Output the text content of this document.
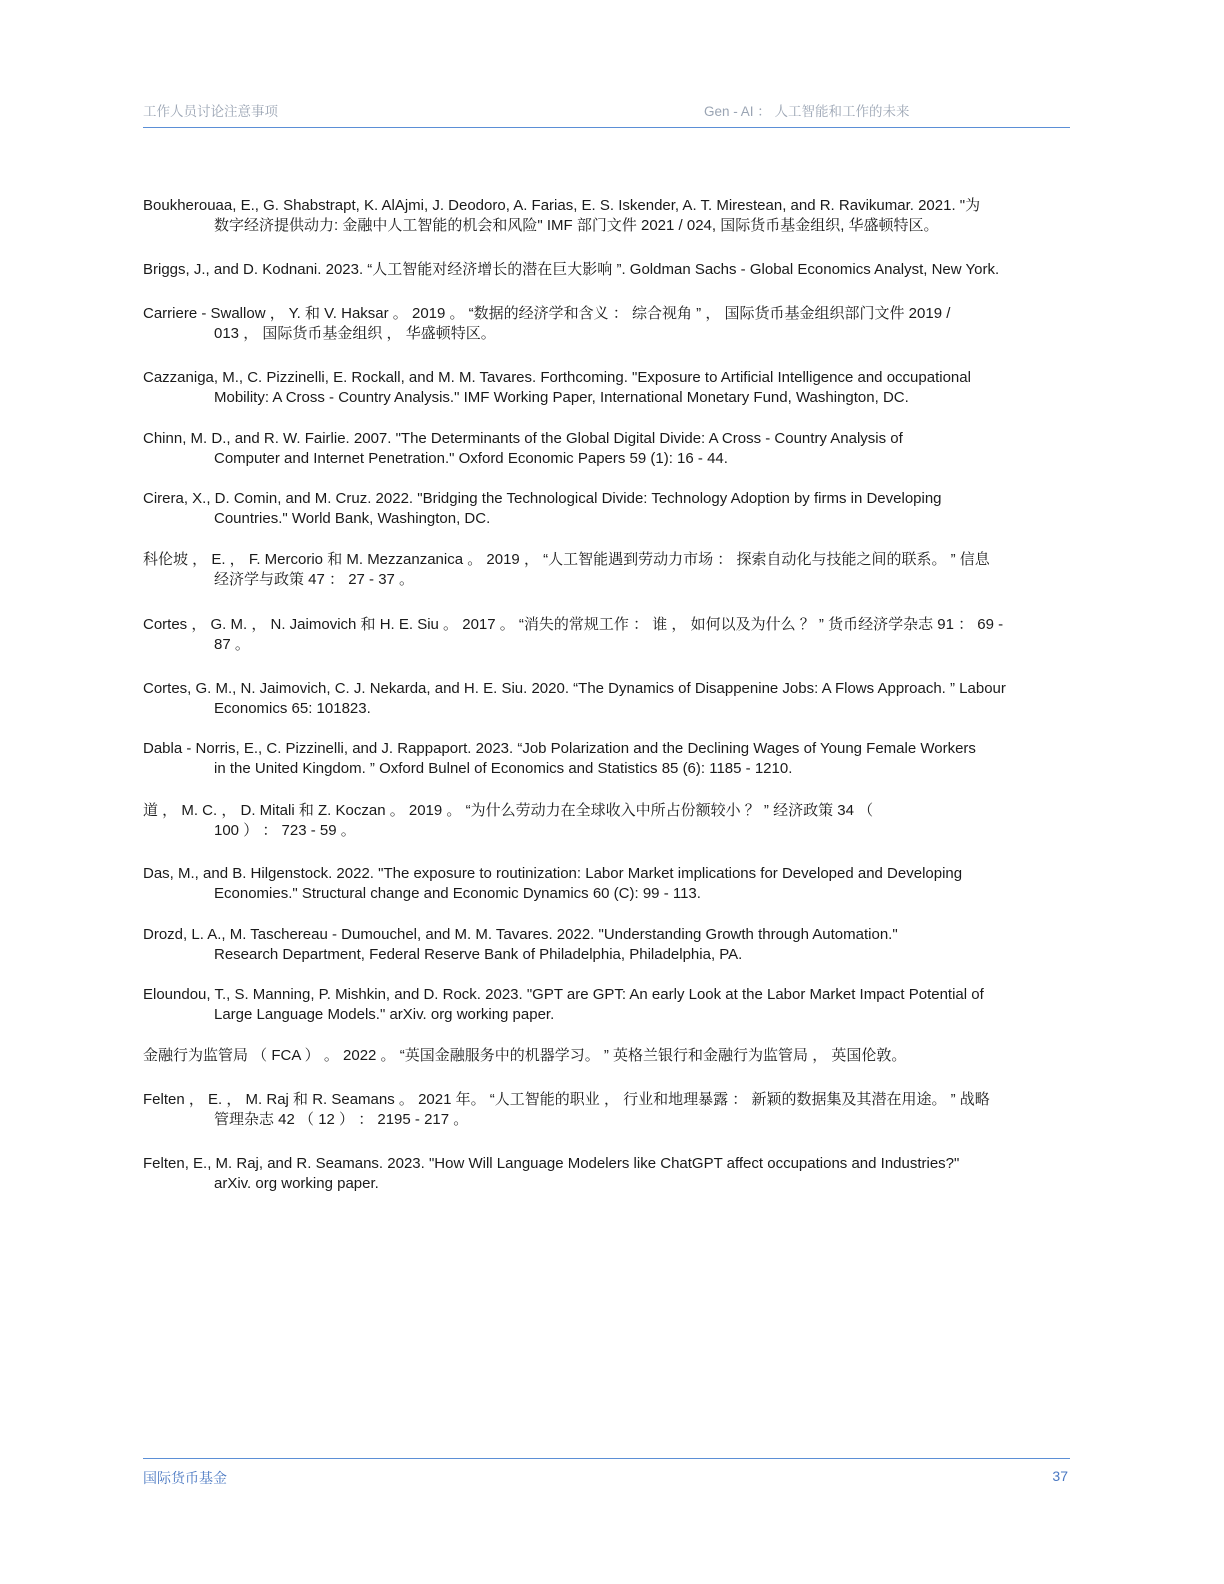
工作人员讨论注意事项	Gen - AI ： 人工智能和工作的未来

Boukherouaa, E., G. Shabstrapt, K. AlAjmi, J. Deodoro, A. Farias, E. S. Iskender, A. T. Mirestean, and R. Ravikumar. 2021. "为
数字经济提供动力: 金融中人工智能的机会和风险" IMF 部门文件 2021 / 024, 国际货币基金组织, 华盛顿特区。

Briggs, J., and D. Kodnani. 2023. “人工智能对经济增长的潜在巨大影响 ”. Goldman Sachs - Global Economics Analyst, New York.

Carriere - Swallow ， Y. 和 V. Haksar 。 2019 。 “数据的经济学和含义 ： 综合视角 ” ， 国际货币基金组织部门文件 2019 /
013 ， 国际货币基金组织 ， 华盛顿特区。

Cazzaniga, M., C. Pizzinelli, E. Rockall, and M. M. Tavares. Forthcoming. "Exposure to Artificial Intelligence and occupational
Mobility: A Cross - Country Analysis." IMF Working Paper, International Monetary Fund, Washington, DC.

Chinn, M. D., and R. W. Fairlie. 2007. "The Determinants of the Global Digital Divide: A Cross - Country Analysis of
Computer and Internet Penetration." Oxford Economic Papers 59 (1): 16 - 44.

Cirera, X., D. Comin, and M. Cruz. 2022. "Bridging the Technological Divide: Technology Adoption by firms in Developing
Countries." World Bank, Washington, DC.

科伦坡 ， E. ， F. Mercorio 和 M. Mezzanzanica 。 2019 ， “人工智能遇到劳动力市场 ： 探索自动化与技能之间的联系。 ” 信息
经济学与政策 47 ： 27 - 37 。

Cortes ， G. M. ， N. Jaimovich 和 H. E. Siu 。 2017 。 “消失的常规工作 ： 谁 ， 如何以及为什么 ？ ” 货币经济学杂志 91 ： 69 -
87 。

Cortes, G. M., N. Jaimovich, C. J. Nekarda, and H. E. Siu. 2020. “The Dynamics of Disappenine Jobs: A Flows Approach. ” Labour
Economics 65: 101823.

Dabla - Norris, E., C. Pizzinelli, and J. Rappaport. 2023. “Job Polarization and the Declining Wages of Young Female Workers
in the United Kingdom. ” Oxford Bulnel of Economics and Statistics 85 (6): 1185 - 1210.

道 ， M. C. ， D. Mitali 和 Z. Koczan 。 2019 。 “为什么劳动力在全球收入中所占份额较小 ？ ” 经济政策 34 （
100 ） ： 723 - 59 。

Das, M., and B. Hilgenstock. 2022. "The exposure to routinization: Labor Market implications for Developed and Developing
Economies." Structural change and Economic Dynamics 60 (C): 99 - 113.

Drozd, L. A., M. Taschereau - Dumouchel, and M. M. Tavares. 2022. "Understanding Growth through Automation."
Research Department, Federal Reserve Bank of Philadelphia, Philadelphia, PA.

Eloundou, T., S. Manning, P. Mishkin, and D. Rock. 2023. "GPT are GPT: An early Look at the Labor Market Impact Potential of
Large Language Models." arXiv. org working paper.

金融行为监管局 （ FCA ） 。 2022 。 “英国金融服务中的机器学习。 ” 英格兰银行和金融行为监管局 ， 英国伦敦。

Felten ， E. ， M. Raj 和 R. Seamans 。 2021 年。 “人工智能的职业 ， 行业和地理暴露 ： 新颖的数据集及其潜在用途。 ” 战略
管理杂志 42 （ 12 ） ： 2195 - 217 。

Felten, E., M. Raj, and R. Seamans. 2023. "How Will Language Modelers like ChatGPT affect occupations and Industries?"
arXiv. org working paper.

国际货币基金	37
